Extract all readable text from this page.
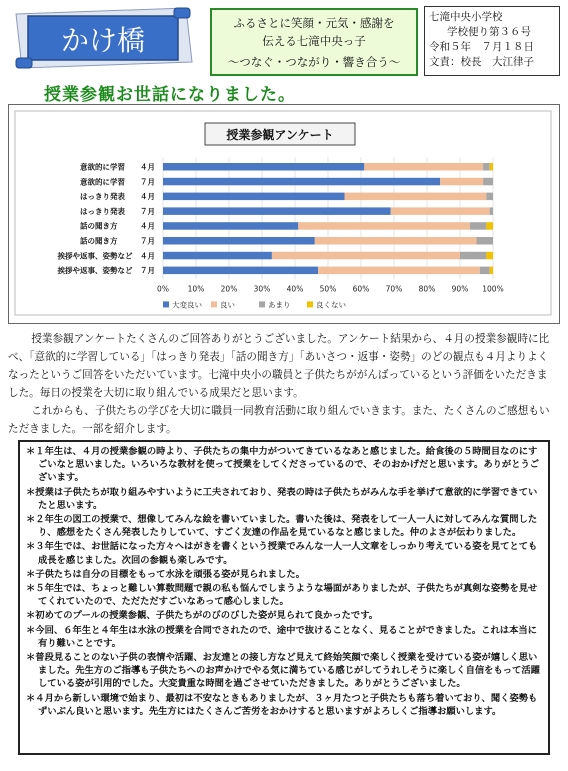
かけ橋
ふるさとに笑顔・元気・感謝を
伝える七滝中央っ子
～つなぐ・つながり・響き合う～
七滝中央小学校
学校便り第３６号
令和５年　７月１８日
文責：校長　大江律子
授業参観お世話になりました。
授業参観アンケート
0% 10% 20% 30% 40% 50% 60% 70% 80% 90% 100%
意欲的に学習　　４月
意欲的に学習　　７月
はっきり発表　　４月
はっきり発表　　７月
話の聞き方　　　４月
話の聞き方　　　７月
挨拶や返事、姿勢など　４月
挨拶や返事、姿勢など　７月
大変良い 良い	あまり	良くない

授業参観アンケートたくさんのご回答ありがとうございました。アンケート結果から、４月の授業参観時に比べ、「意欲的に学習している」「はっきり発表」「話の聞き方」「あいさつ・返事・姿勢」のどの観点も４月よりよくなったというご回答をいただいています。七滝中央小の職員と子供たちががんばっているという評価をいただきました。毎日の授業を大切に取り組んでいる成果だと思います。

これからも、子供たちの学びを大切に職員一同教育活動に取り組んでいきます。また、たくさんのご感想もいただきました。一部を紹介します。

＊１年生は、４月の授業参観の時より、子供たちの集中力がついてきているなあと感じました。給食後の５時間目なのにすごいなと思いました。いろいろな教材を使って授業をしてくださっているので、そのおかげだと思います。ありがとうございます。
＊授業は子供たちが取り組みやすいように工夫されており、発表の時は子供たちがみんな手を挙げて意欲的に学習できていたと思います。
＊２年生の図工の授業で、想像してみんな絵を書いていました。書いた後は、発表をして一人一人に対してみんな質問したり、感想をたくさん発表したりしていて、すごく友達の作品を見ているなと感じました。仲のよさが伝わりました。
＊３年生では、お世話になった方々へはがきを書くという授業でみんな一人一人文章をしっかり考えている姿を見てとても成長を感じました。次回の参観も楽しみです。
＊子供たちは自分の目標をもって水泳を頑張る姿が見られました。
＊５年生では、ちょっと難しい算数問題で親の私も悩んでしまうような場面がありましたが、子供たちが真剣な姿勢を見せてくれていたので、ただただすごいなあって感心しました。
＊初めてのプールの授業参観、子供たちがのびのびした姿が見られて良かったです。
＊今回、６年生と４年生は水泳の授業を合同でされたので、途中で抜けることなく、見ることができました。これは本当に有り難いことです。
＊普段見ることのない子供の表情や活躍、お友達との接し方など見えて終始笑顔で楽しく授業を受けている姿が嬉しく思いました。先生方のご指導も子供たちへのお声かけでやる気に満ちている感じがしてうれしそうに楽しく自信をもって活躍している姿が引用的でした。大変貴重な時間を過ごさせていただきました。ありがとうございました。
＊４月から新しい環境で始まり、最初は不安なときもありましたが、３ヶ月たつと子供たちも落ち着いており、聞く姿勢もずいぶん良いと思います。先生方にはたくさんご苦労をおかけすると思いますがよろしくご指導お願いします。
